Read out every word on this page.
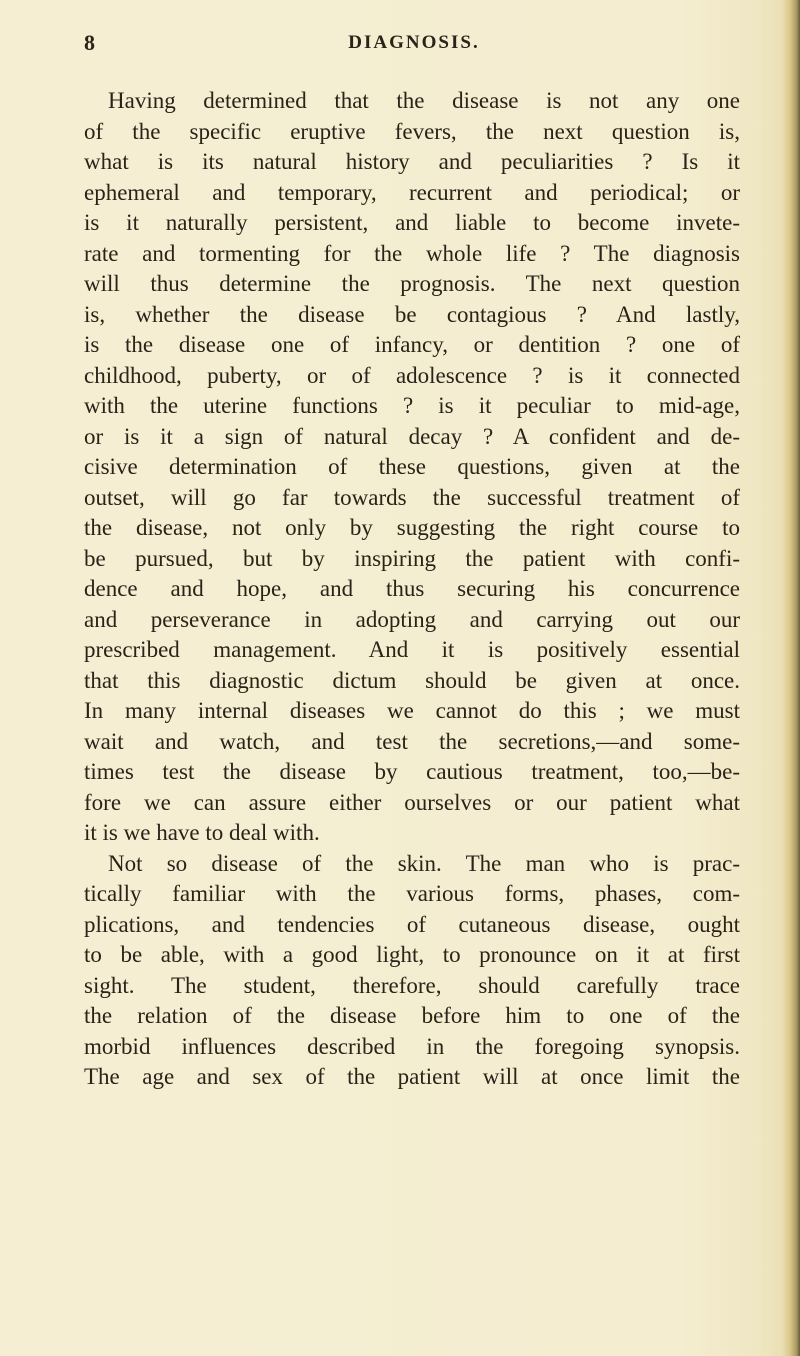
8	DIAGNOSIS.
Having determined that the disease is not any one
of the specific eruptive fevers, the next question is,
what is its natural history and peculiarities ? Is it
ephemeral and temporary, recurrent and periodical; or
is it naturally persistent, and liable to become invete-
rate and tormenting for the whole life ? The diagnosis
will thus determine the prognosis. The next question
is, whether the disease be contagious ? And lastly,
is the disease one of infancy, or dentition ? one of
childhood, puberty, or of adolescence ? is it connected
with the uterine functions ? is it peculiar to mid-age,
or is it a sign of natural decay ? A confident and de-
cisive determination of these questions, given at the
outset, will go far towards the successful treatment of
the disease, not only by suggesting the right course to
be pursued, but by inspiring the patient with confi-
dence and hope, and thus securing his concurrence
and perseverance in adopting and carrying out our
prescribed management. And it is positively essential
that this diagnostic dictum should be given at once.
In many internal diseases we cannot do this ; we must
wait and watch, and test the secretions,—and some-
times test the disease by cautious treatment, too,—be-
fore we can assure either ourselves or our patient what
it is we have to deal with.
Not so disease of the skin. The man who is prac-
tically familiar with the various forms, phases, com-
plications, and tendencies of cutaneous disease, ought
to be able, with a good light, to pronounce on it at first
sight. The student, therefore, should carefully trace
the relation of the disease before him to one of the
morbid influences described in the foregoing synopsis.
The age and sex of the patient will at once limit the
